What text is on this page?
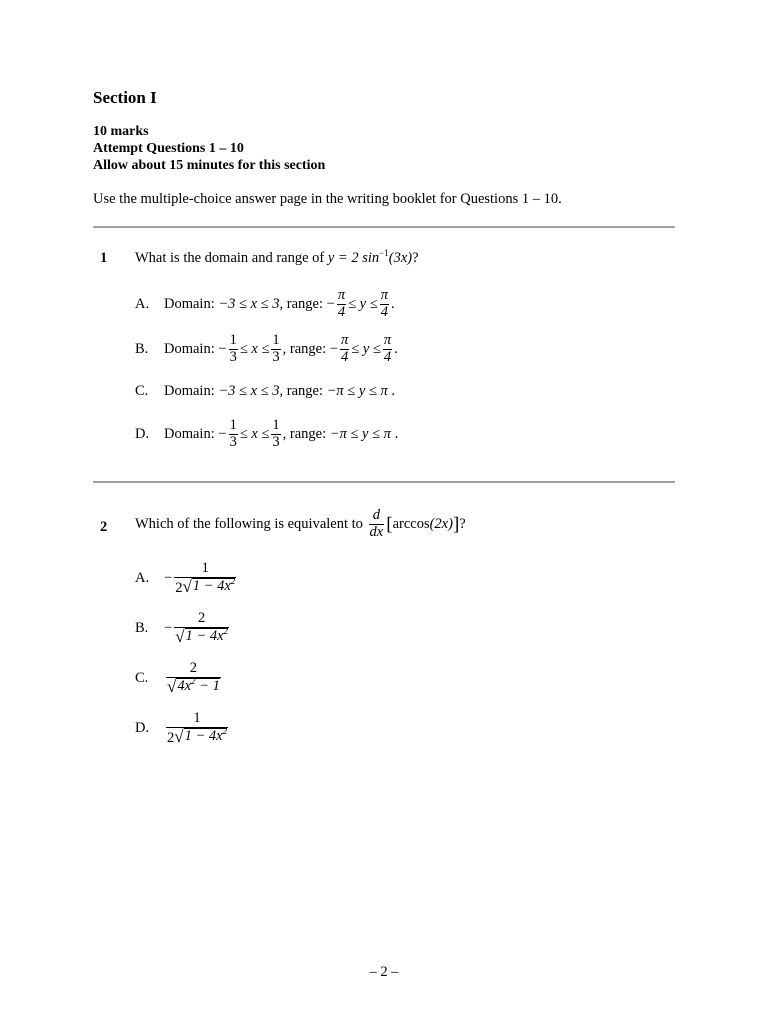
Section I
10 marks
Attempt Questions 1 – 10
Allow about 15 minutes for this section
Use the multiple-choice answer page in the writing booklet for Questions 1 – 10.
1 What is the domain and range of y = 2 $\sin^{-1}(3x)$?
A.	Domain:
−3 ≤ x ≤ 3 , range:
− $\frac{\pi}{4} \le y \le \frac{\pi}{4}$ .
B.	Domain:
− $\frac{1}{3} \le x \le \frac{1}{3}$ , range:
− $\frac{\pi}{4} \le y \le \frac{\pi}{4}$ .
C.	Domain:
−3 ≤ x ≤ 3 , range:
−π ≤ y ≤ π
.
D.	Domain:
− $\frac{1}{3} \le x \le \frac{1}{3}$ , range:
−π ≤ y ≤ π
.
2 Which of the following is equivalent to
$\frac{d}{dx}$ [ arccos (2x) ] ?
A.	− $\frac{1}{2 √ 1 - 4x^2}$
B.	− $\frac{2}{√ 1 - 4x^2}$
C.	$\frac{2}{√ 4x^2 - 1}$
D.	$\frac{1}{2 √ 1 - 4x^2}$
– 2 –
